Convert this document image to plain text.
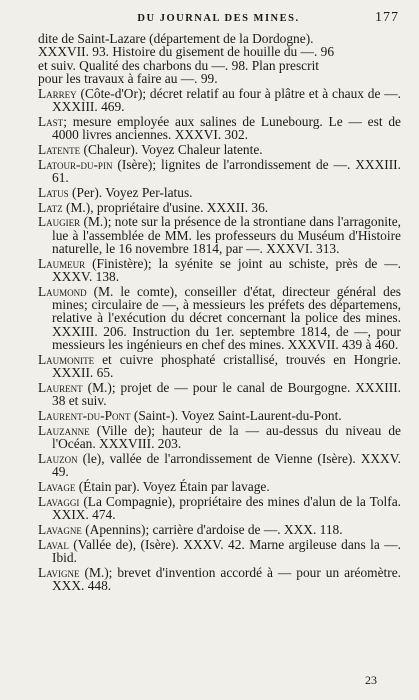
DU JOURNAL DES MINES.	177

dite de Saint-Lazare (département de la Dordogne).
XXXVII. 93. Histoire du gisement de houille du —. 96
et suiv. Qualité des charbons du —. 98. Plan prescrit
pour les travaux à faire au —. 99.

Larrey (Côte-d'Or); décret relatif au four à plâtre et à chaux de —. XXXIII. 469.

Last; mesure employée aux salines de Lunebourg. Le — est de 4000 livres anciennes. XXXVI. 302.

Latente (Chaleur). Voyez Chaleur latente.

Latour-du-pin (Isère); lignites de l'arrondissement de —. XXXIII. 61.

Latus (Per). Voyez Per-latus.

Latz (M.), propriétaire d'usine. XXXII. 36.

Laugier (M.); note sur la présence de la strontiane dans l'arragonite, lue à l'assemblée de MM. les professeurs du Muséum d'Histoire naturelle, le 16 novembre 1814, par —. XXXVI. 313.

Laumeur (Finistère); la syénite se joint au schiste, près de —. XXXV. 138.

Laumond (M. le comte), conseiller d'état, directeur général des mines; circulaire de —, à messieurs les préfets des départemens, relative à l'exécution du décret concernant la police des mines. XXXIII. 206. Instruction du 1er. septembre 1814, de —, pour messieurs les ingénieurs en chef des mines. XXXVII. 439 à 460.

Laumonite et cuivre phosphaté cristallisé, trouvés en Hongrie. XXXII. 65.

Laurent (M.); projet de — pour le canal de Bourgogne. XXXIII. 38 et suiv.

Laurent-du-Pont (Saint-). Voyez Saint-Laurent-du-Pont.

Lauzanne (Ville de); hauteur de la — au-dessus du niveau de l'Océan. XXXVIII. 203.

Lauzon (le), vallée de l'arrondissement de Vienne (Isère). XXXV. 49.

Lavage (Étain par). Voyez Étain par lavage.

Lavaggi (La Compagnie), propriétaire des mines d'alun de la Tolfa. XXIX. 474.

Lavagne (Apennins); carrière d'ardoise de —. XXX. 118.

Laval (Vallée de), (Isère). XXXV. 42. Marne argileuse dans la —. Ibid.

Lavigne (M.); brevet d'invention accordé à — pour un aréomètre. XXX. 448.

23
